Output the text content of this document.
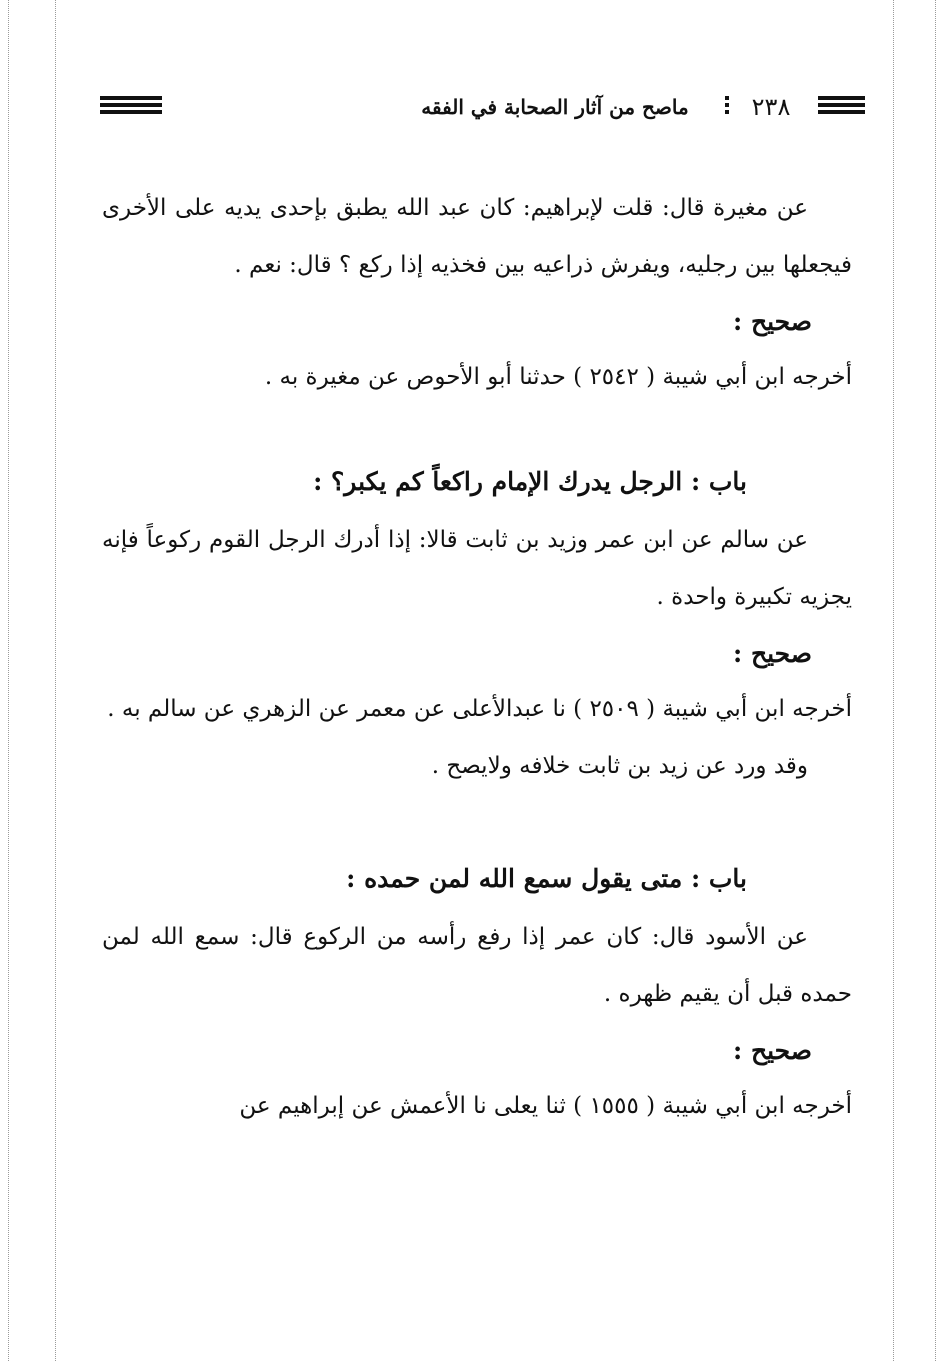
ماصح من آثار الصحابة في الفقه	٢٣٨

عن مغيرة قال: قلت لإبراهيم: كان عبد الله يطبق بإحدى يديه على الأخرى فيجعلها بين رجليه، ويفرش ذراعيه بين فخذيه إذا ركع ؟ قال: نعم .

صحيح :

أخرجه ابن أبي شيبة ( ٢٥٤٢ ) حدثنا أبو الأحوص عن مغيرة به .

باب : الرجل يدرك الإمام راكعاً كم يكبر؟ :

عن سالم عن ابن عمر وزيد بن ثابت قالا: إذا أدرك الرجل القوم ركوعاً فإنه يجزيه تكبيرة واحدة .

صحيح :

أخرجه ابن أبي شيبة ( ٢٥٠٩ ) نا عبدالأعلى عن معمر عن الزهري عن سالم به .

وقد ورد عن زيد بن ثابت خلافه ولايصح .

باب : متى يقول سمع الله لمن حمده :

عن الأسود قال: كان عمر إذا رفع رأسه من الركوع قال: سمع الله لمن حمده قبل أن يقيم ظهره .

صحيح :

أخرجه ابن أبي شيبة ( ١٥٥٥ ) ثنا يعلى نا الأعمش عن إبراهيم عن
